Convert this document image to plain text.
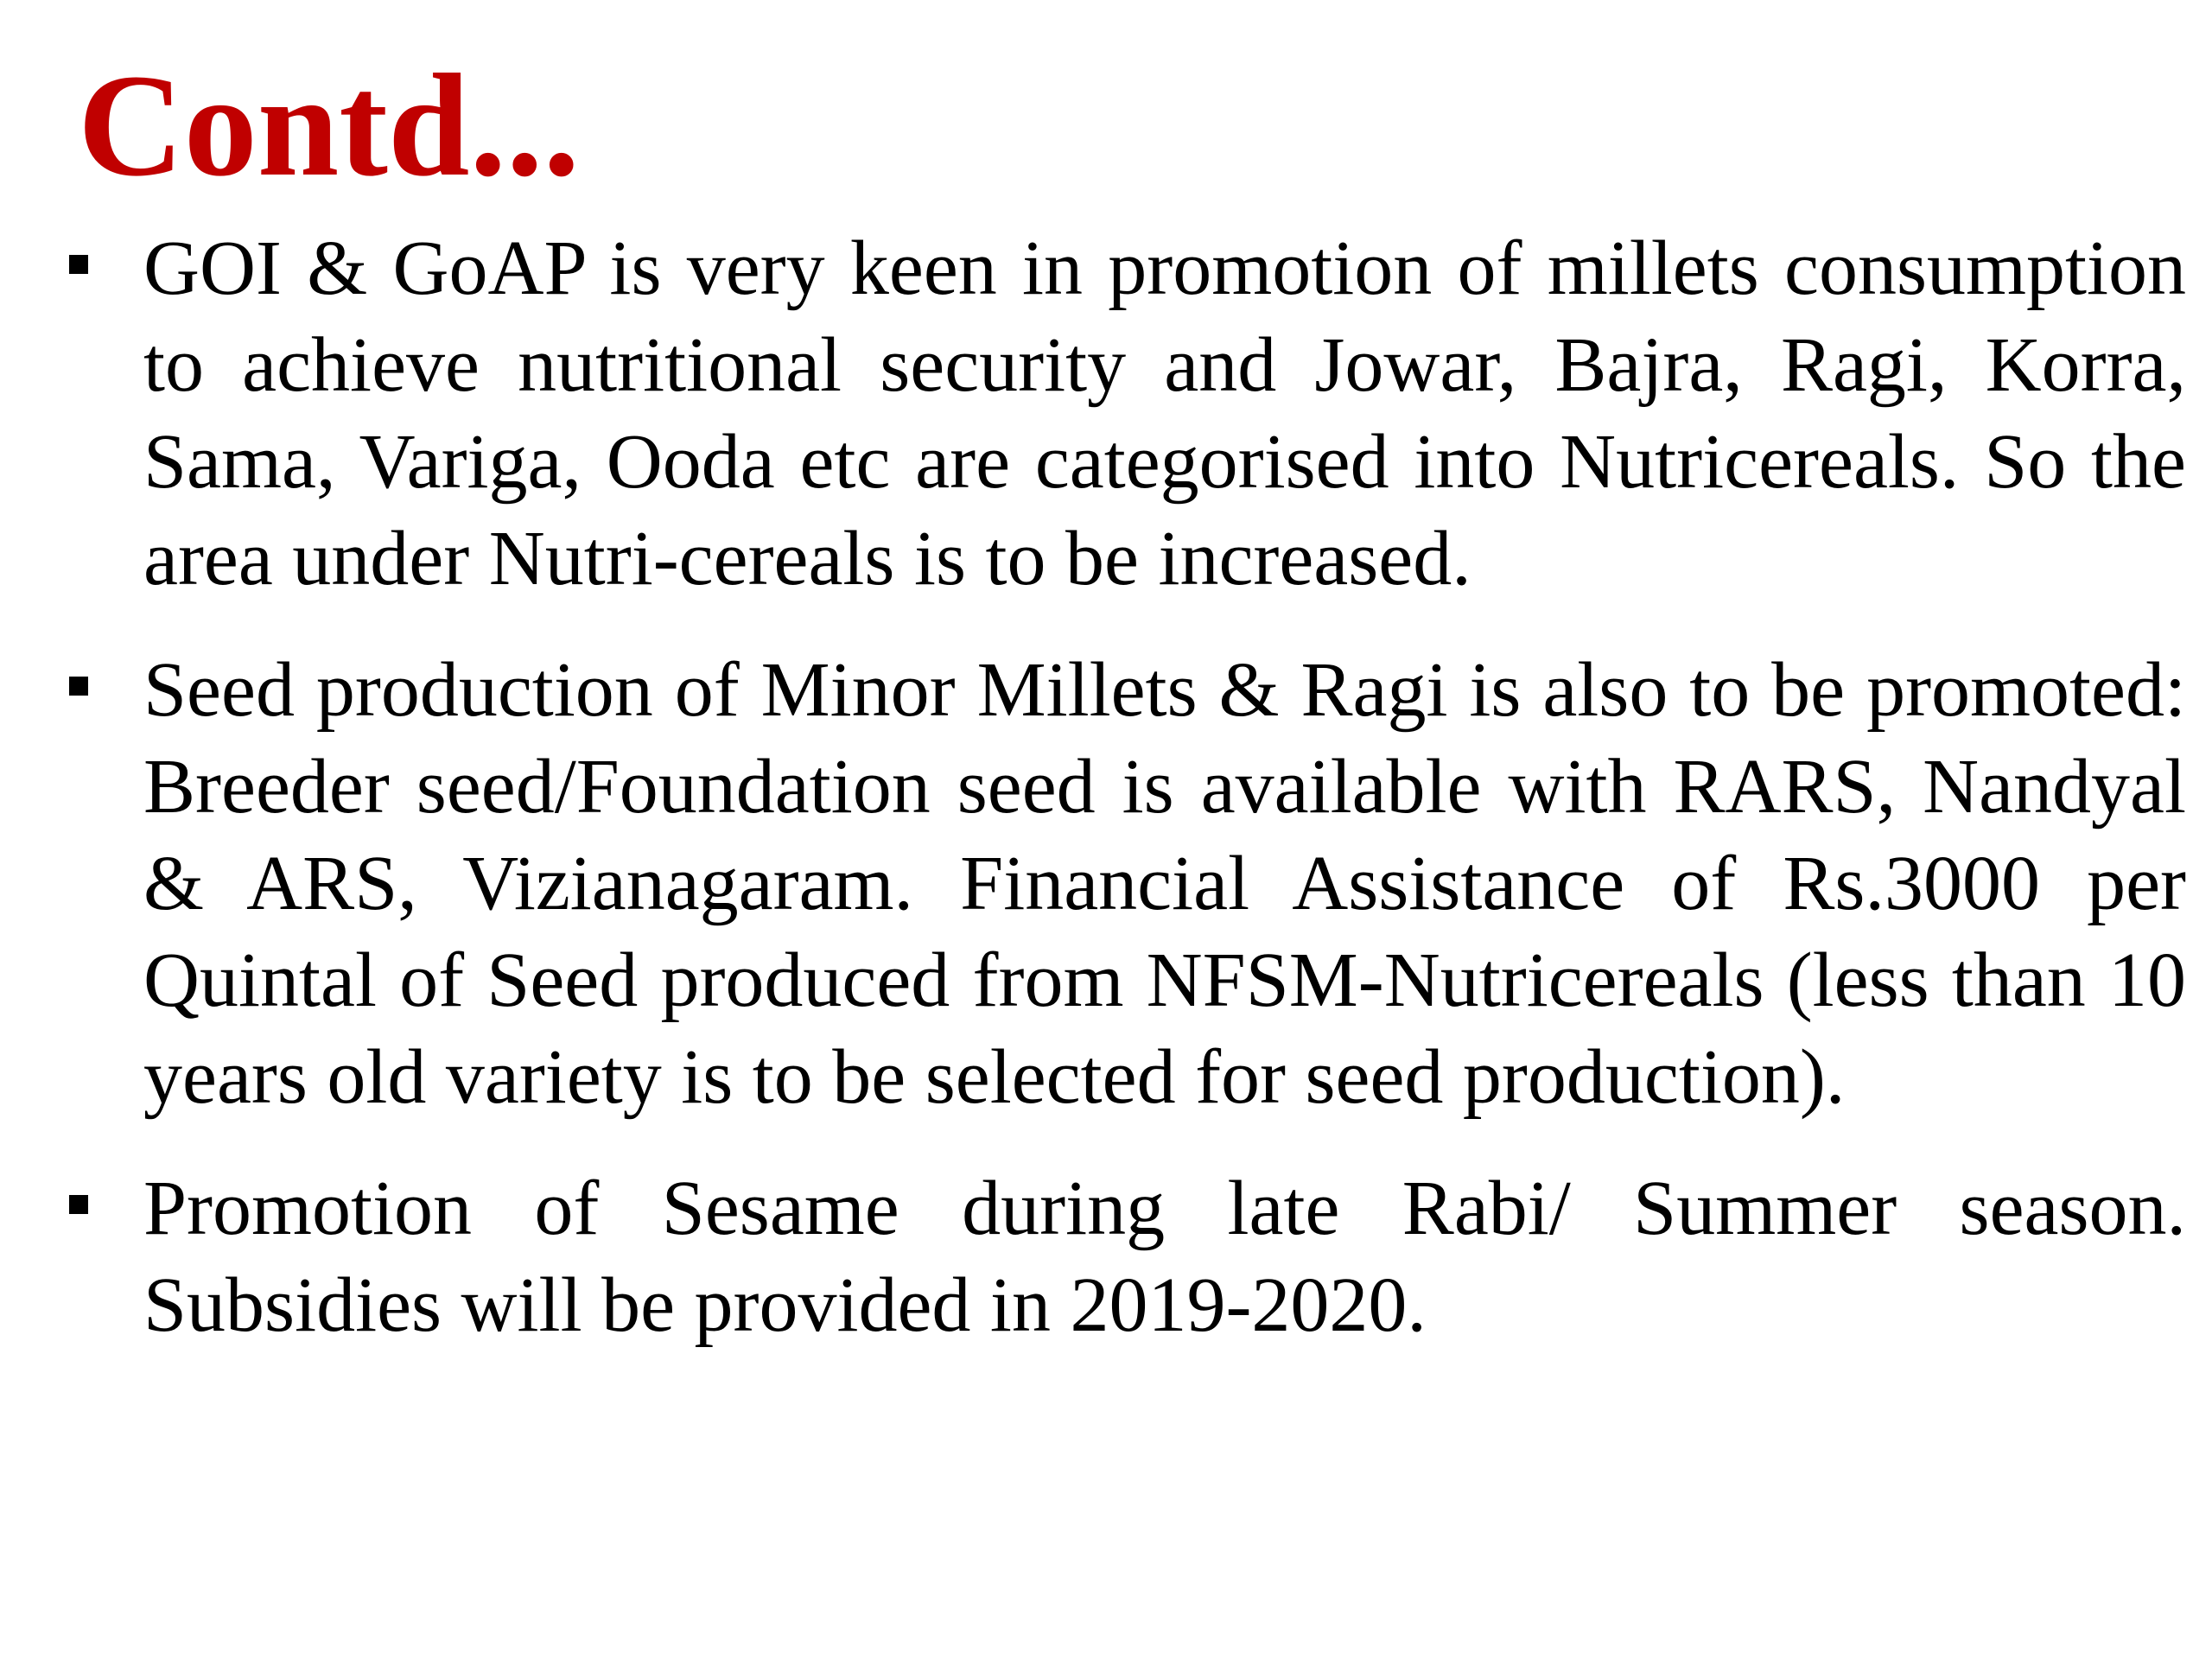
Contd...
GOI & GoAP is very keen in promotion of millets consumption to achieve nutritional security and Jowar, Bajra, Ragi, Korra, Sama, Variga, Ooda etc are categorised into Nutricereals. So the area under Nutri-cereals is to be increased.
Seed production of Minor Millets & Ragi is also to be promoted: Breeder seed/Foundation seed is available with RARS, Nandyal & ARS, Vizianagaram. Financial Assistance of Rs.3000 per Quintal of Seed produced from NFSM-Nutricereals (less than 10 years old variety is to be selected for seed production).
Promotion of Sesame during late Rabi/ Summer season. Subsidies will be provided in 2019-2020.
